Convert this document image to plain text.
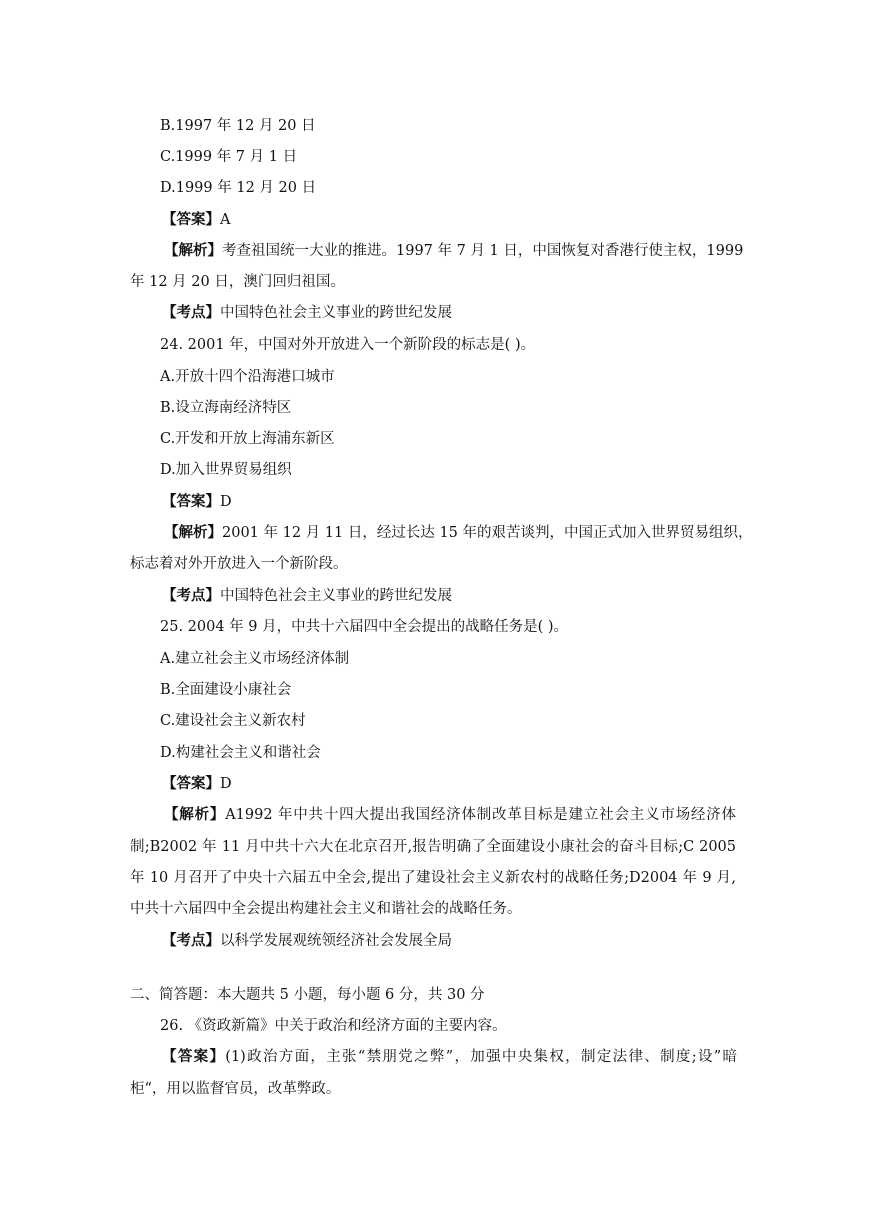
B.1997 年 12 月 20 日
C.1999 年 7 月 1 日
D.1999 年 12 月 20 日
【答案】A
【解析】考查祖国统一大业的推进。1997 年 7 月 1 日，中国恢复对香港行使主权，1999
年 12 月 20 日，澳门回归祖国。
【考点】中国特色社会主义事业的跨世纪发展
24. 2001 年，中国对外开放进入一个新阶段的标志是( )。
A.开放十四个沿海港口城市
B.设立海南经济特区
C.开发和开放上海浦东新区
D.加入世界贸易组织
【答案】D
【解析】2001 年 12 月 11 日，经过长达 15 年的艰苦谈判，中国正式加入世界贸易组织，
标志着对外开放进入一个新阶段。
【考点】中国特色社会主义事业的跨世纪发展
25. 2004 年 9 月，中共十六届四中全会提出的战略任务是( )。
A.建立社会主义市场经济体制
B.全面建设小康社会
C.建设社会主义新农村
D.构建社会主义和谐社会
【答案】D
【解析】A1992 年中共十四大提出我国经济体制改革目标是建立社会主义市场经济体
制;B2002 年 11 月中共十六大在北京召开,报告明确了全面建设小康社会的奋斗目标;C 2005
年 10 月召开了中央十六届五中全会,提出了建设社会主义新农村的战略任务;D2004 年 9 月,
中共十六届四中全会提出构建社会主义和谐社会的战略任务。
【考点】以科学发展观统领经济社会发展全局
二、简答题：本大题共 5 小题，每小题 6 分，共 30 分
26. 《资政新篇》中关于政治和经济方面的主要内容。
【答案】(1)政治方面，主张“禁朋党之弊”，加强中央集权，制定法律、制度;设”暗
柜“，用以监督官员，改革弊政。
